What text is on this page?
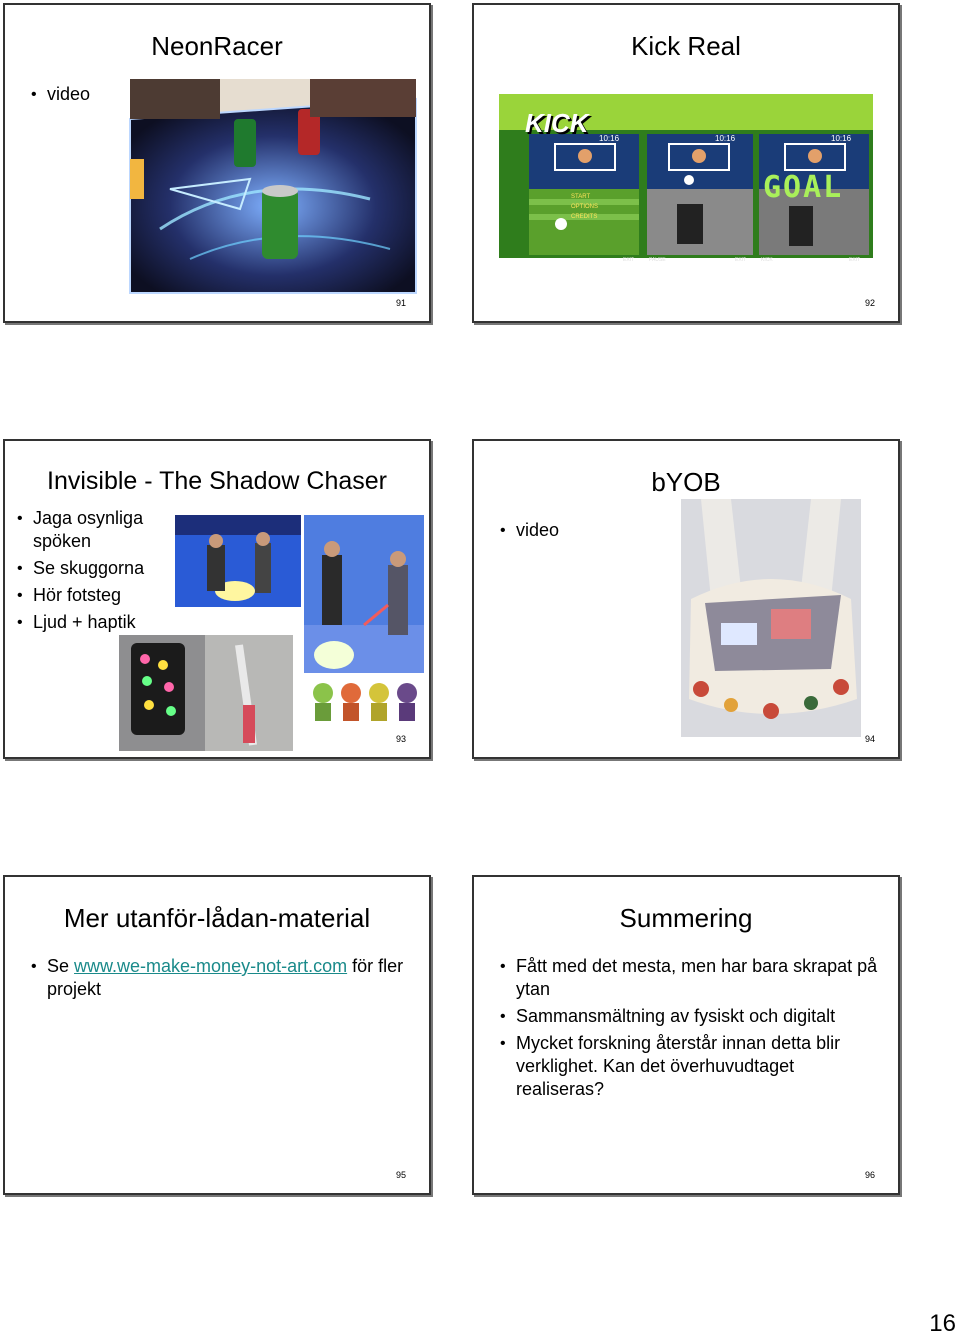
NeonRacer
• video
91
Kick Real
KICK
START
OPTIONS
CREDITS
10:16	10:16	10:16
GOAL
EXIT	PAUSE	EXIT	KICK	EXIT
92
Invisible - The Shadow Chaser
• Jaga osynliga spöken
• Se skuggorna
• Hör fotsteg
• Ljud + haptik
93
bYOB
• video
94
Mer utanför-lådan-material
• Se www.we-make-money-not-art.com för fler projekt
95
Summering
• Fått med det mesta, men har bara skrapat på ytan
• Sammansmältning av fysiskt och digitalt
• Mycket forskning återstår innan detta blir verklighet. Kan det överhuvudtaget realiseras?
96
16
